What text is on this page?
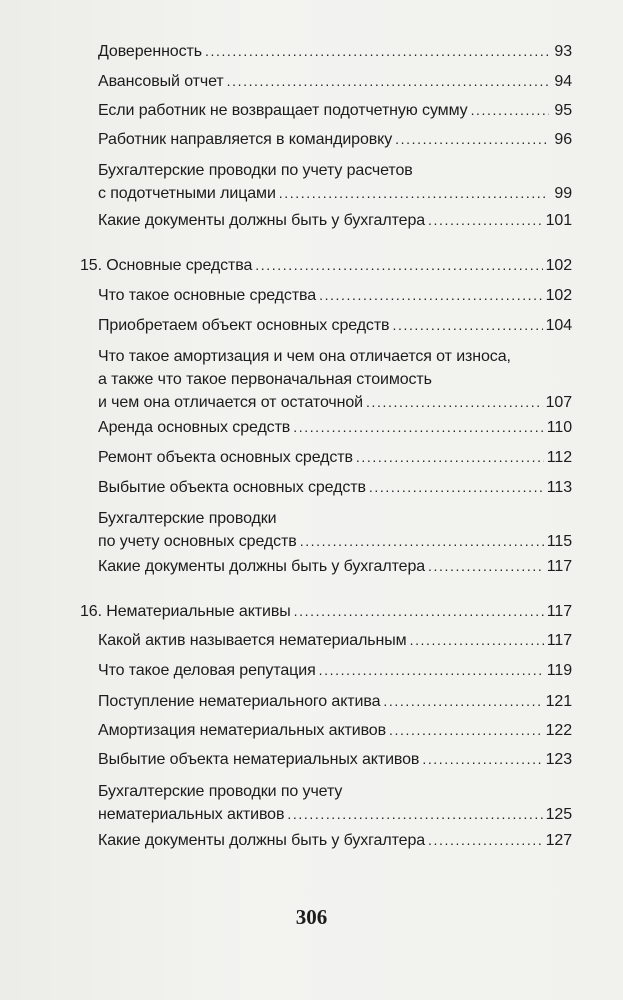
Доверенность .....	93
Авансовый отчет .....	94
Если работник не возвращает подотчетную сумму .....	95
Работник направляется в командировку .....	96
Бухгалтерские проводки по учету расчетов
с подотчетными лицами .....	99
Какие документы должны быть у бухгалтера .....	101
15. Основные средства .....	102
Что такое основные средства .....	102
Приобретаем объект основных средств .....	104
Что такое амортизация и чем она отличается от износа,
а также что такое первоначальная стоимость
и чем она отличается от остаточной .....	107
Аренда основных средств .....	110
Ремонт объекта основных средств .....	112
Выбытие объекта основных средств .....	113
Бухгалтерские проводки
по учету основных средств .....	115
Какие документы должны быть у бухгалтера .....	117
16. Нематериальные активы .....	117
Какой актив называется нематериальным .....	117
Что такое деловая репутация .....	119
Поступление нематериального актива .....	121
Амортизация нематериальных активов .....	122
Выбытие объекта нематериальных активов .....	123
Бухгалтерские проводки по учету
нематериальных активов .....	125
Какие документы должны быть у бухгалтера .....	127
306
